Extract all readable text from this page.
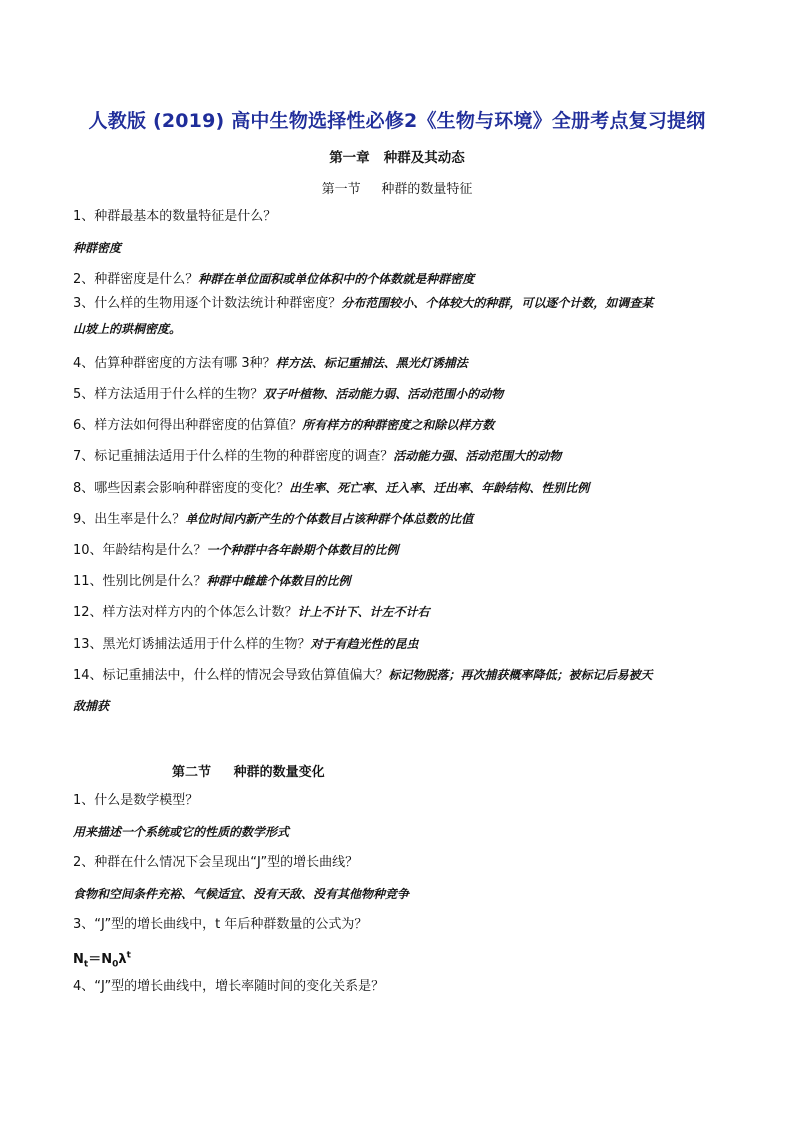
人教版 (2019) 高中生物选择性必修2《生物与环境》全册考点复习提纲
第一章   种群及其动态
第一节     种群的数量特征
1、种群最基本的数量特征是什么？
种群密度
2、种群密度是什么？种群在单位面积或单位体积中的个体数就是种群密度
3、什么样的生物用逐个计数法统计种群密度？分布范围较小、个体较大的种群，可以逐个计数，如调查某
山坡上的珙桐密度。
4、估算种群密度的方法有哪 3种？样方法、标记重捕法、黑光灯诱捕法
5、样方法适用于什么样的生物？双子叶植物、活动能力弱、活动范围小的动物
6、样方法如何得出种群密度的估算值？所有样方的种群密度之和除以样方数
7、标记重捕法适用于什么样的生物的种群密度的调查？活动能力强、活动范围大的动物
8、哪些因素会影响种群密度的变化？出生率、死亡率、迁入率、迁出率、年龄结构、性别比例
9、出生率是什么？单位时间内新产生的个体数目占该种群个体总数的比值
10、年龄结构是什么？一个种群中各年龄期个体数目的比例
11、性别比例是什么？种群中雌雄个体数目的比例
12、样方法对样方内的个体怎么计数？计上不计下、计左不计右
13、黑光灯诱捕法适用于什么样的生物？对于有趋光性的昆虫
14、标记重捕法中，什么样的情况会导致估算值偏大？标记物脱落；再次捕获概率降低；被标记后易被天
敌捕获
第二节     种群的数量变化
1、什么是数学模型？
用来描述一个系统或它的性质的数学形式
2、种群在什么情况下会呈现出“J”型的增长曲线？
食物和空间条件充裕、气候适宜、没有天敌、没有其他物种竞争
3、“J”型的增长曲线中，t 年后种群数量的公式为？
$N_t=N_0\lambda^t$
4、“J”型的增长曲线中，增长率随时间的变化关系是？
